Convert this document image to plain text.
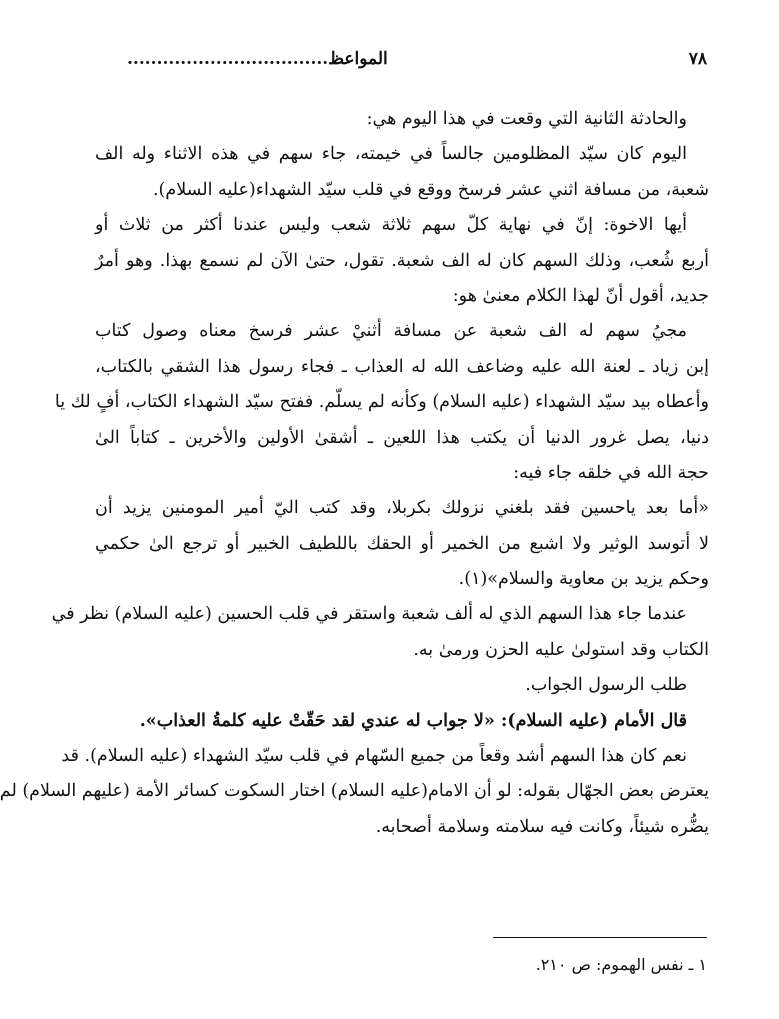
٧٨
المواعظ..................................
والحادثة الثانية التي وقعت في هذا اليوم هي:
اليوم كان سيّد المظلومين جالساً في خيمته، جاء سهم في هذه الاثناء وله الف
شعبة، من مسافة اثني عشر فرسخ ووقع في قلب سيّد الشهداء(عليه السلام).
أيها الاخوة: إنّ في نهاية كلّ سهم ثلاثة شعب وليس عندنا أكثر من ثلاث أو
أربع شُعب، وذلك السهم كان له الف شعبة. تقول، حتىٰ الآن لم نسمع بهذا. وهو أمرٌ
جديد، أقول أنّ لهذا الكلام معنىٰ هو:
مجيُ سهم له الف شعبة عن مسافة أثنيْ عشر فرسخ معناه وصول كتاب
إبن زياد ـ لعنة الله عليه وضاعف الله له العذاب ـ فجاء رسول هذا الشقي بالكتاب،
وأعطاه بيد سيّد الشهداء (عليه السلام) وكأنه لم يسلّم. ففتح سيّد الشهداء الكتاب، أفٍ لك يا
دنيا، يصل غرور الدنيا أن يكتب هذا اللعين ـ أشقىٰ الأولين والأخرين ـ كتاباً الىٰ
حجة الله في خلقه جاء فيه:
«أما بعد ياحسين فقد بلغني نزولك بكربلا، وقد كتب اليّ أمير المومنين يزيد أن
لا أتوسد الوثير ولا اشبع من الخمير أو الحقك باللطيف الخبير أو ترجع الىٰ حكمي
وحكم يزيد بن معاوية والسلام»(١).
عندما جاء هذا السهم الذي له ألف شعبة واستقر في قلب الحسين (عليه السلام) نظر في
الكتاب وقد استولىٰ عليه الحزن ورمىٰ به.
طلب الرسول الجواب.
قال الأمام (عليه السلام): «لا جواب له عندي لقد حَقّتْ عليه كلمةُ العذاب».
نعم كان هذا السهم أشد وقعاً من جميع السّهام في قلب سيّد الشهداء (عليه السلام). قد
يعترض بعض الجهّال بقوله: لو أن الامام(عليه السلام) اختار السكوت كسائر الأمة (عليهم السلام) لم
يضُّره شيئاً، وكانت فيه سلامته وسلامة أصحابه.
١ ـ نفس الهموم: ص ٢١٠.
